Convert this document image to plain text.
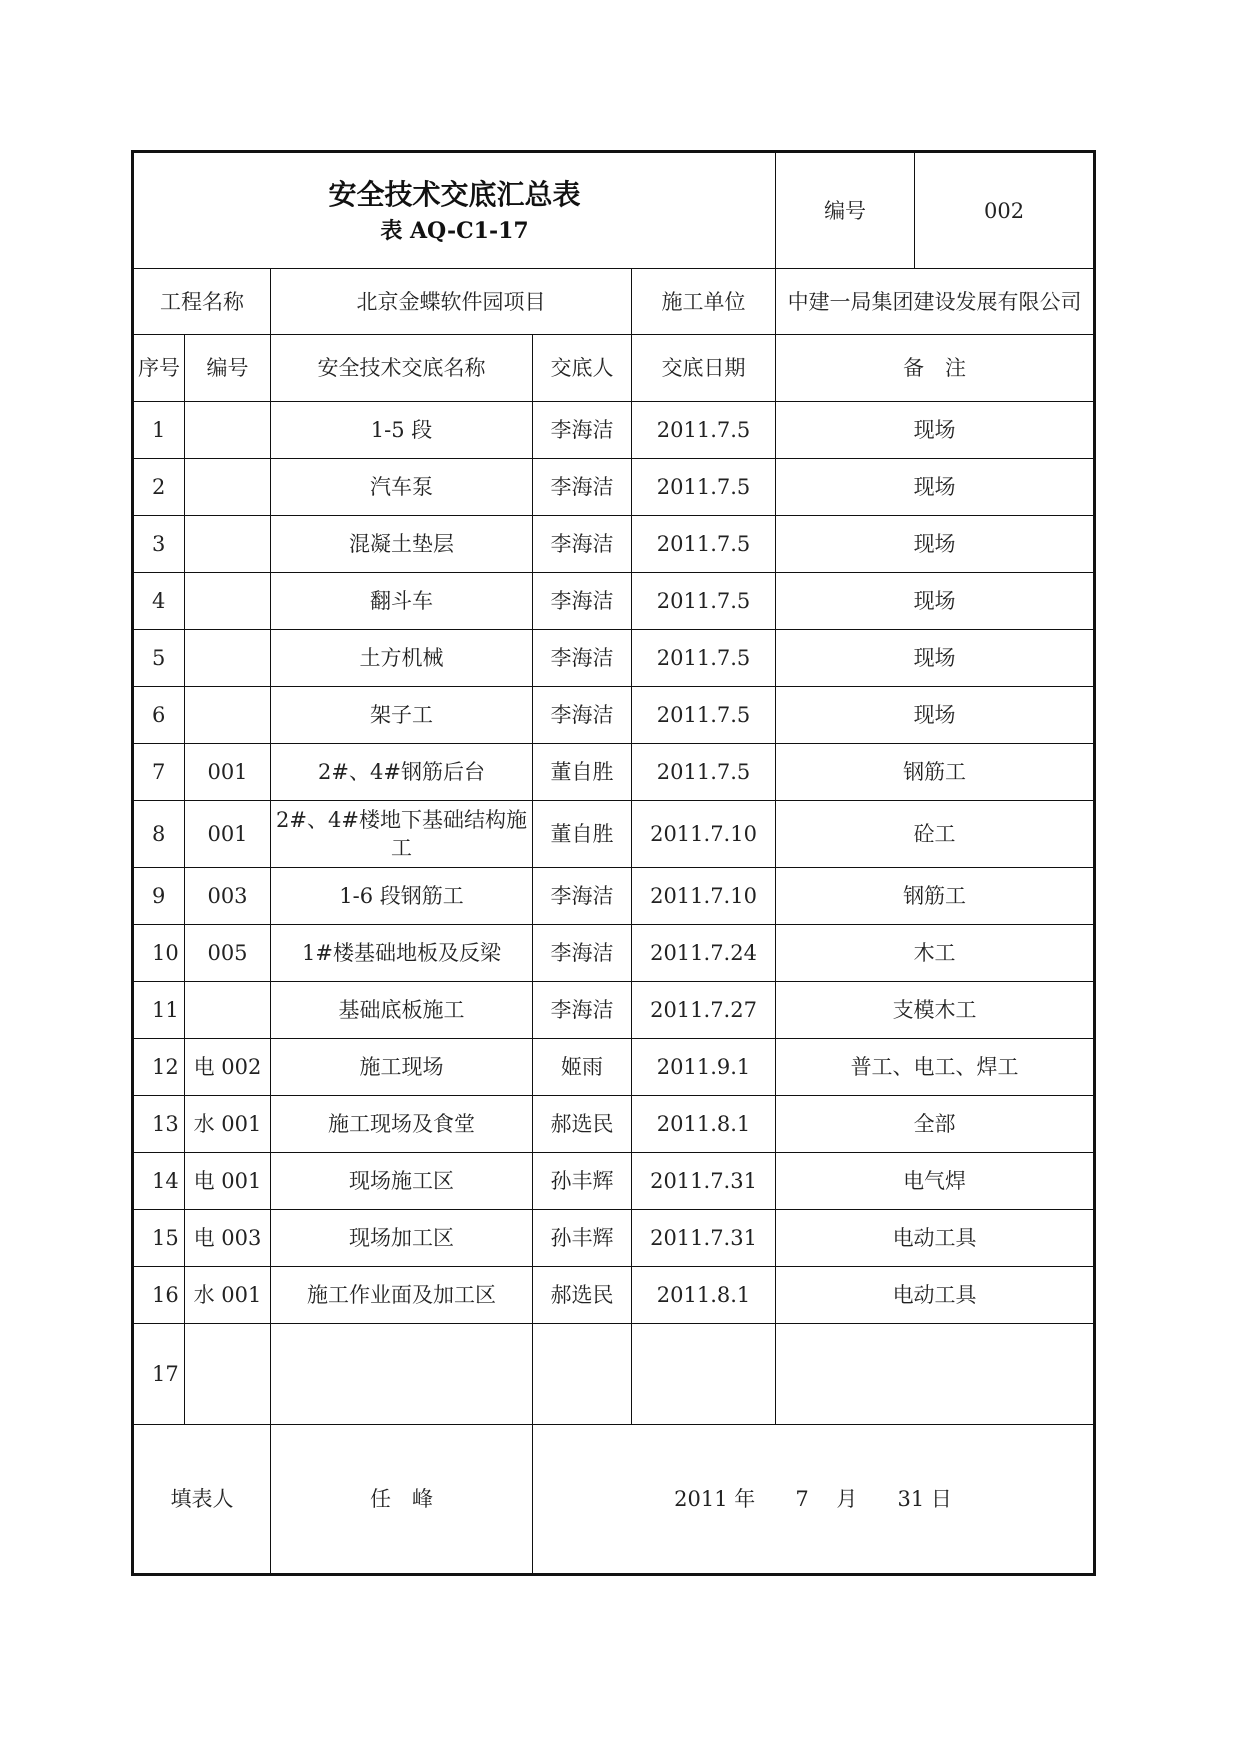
安全技术交底汇总表
表 AQ-C1-17					编号	002
工程名称		北京金蝶软件园项目		施工单位	中建一局集团建设发展有限公司	
序号	编号	安全技术交底名称	交底人	交底日期	备　注	
1		1-5 段	李海洁	2011.7.5	现场	
2		汽车泵	李海洁	2011.7.5	现场	
3		混凝土垫层	李海洁	2011.7.5	现场	
4		翻斗车	李海洁	2011.7.5	现场	
5		土方机械	李海洁	2011.7.5	现场	
6		架子工	李海洁	2011.7.5	现场	
7	001	2#、4#钢筋后台	董自胜	2011.7.5	钢筋工	
8	001	2#、4#楼地下基础结构施工	董自胜	2011.7.10	砼工	
9	003	1-6 段钢筋工	李海洁	2011.7.10	钢筋工	
10	005	1#楼基础地板及反梁	李海洁	2011.7.24	木工	
11		基础底板施工	李海洁	2011.7.27	支模木工	
12	电 002	施工现场	姬雨	2011.9.1	普工、电工、焊工	
13	水 001	施工现场及食堂	郝选民	2011.8.1	全部	
14	电 001	现场施工区	孙丰辉	2011.7.31	电气焊	
15	电 003	现场加工区	孙丰辉	2011.7.31	电动工具	
16	水 001	施工作业面及加工区	郝选民	2011.8.1	电动工具	
17						
填表人		任　峰	2011 年 7　 月 31 日			
